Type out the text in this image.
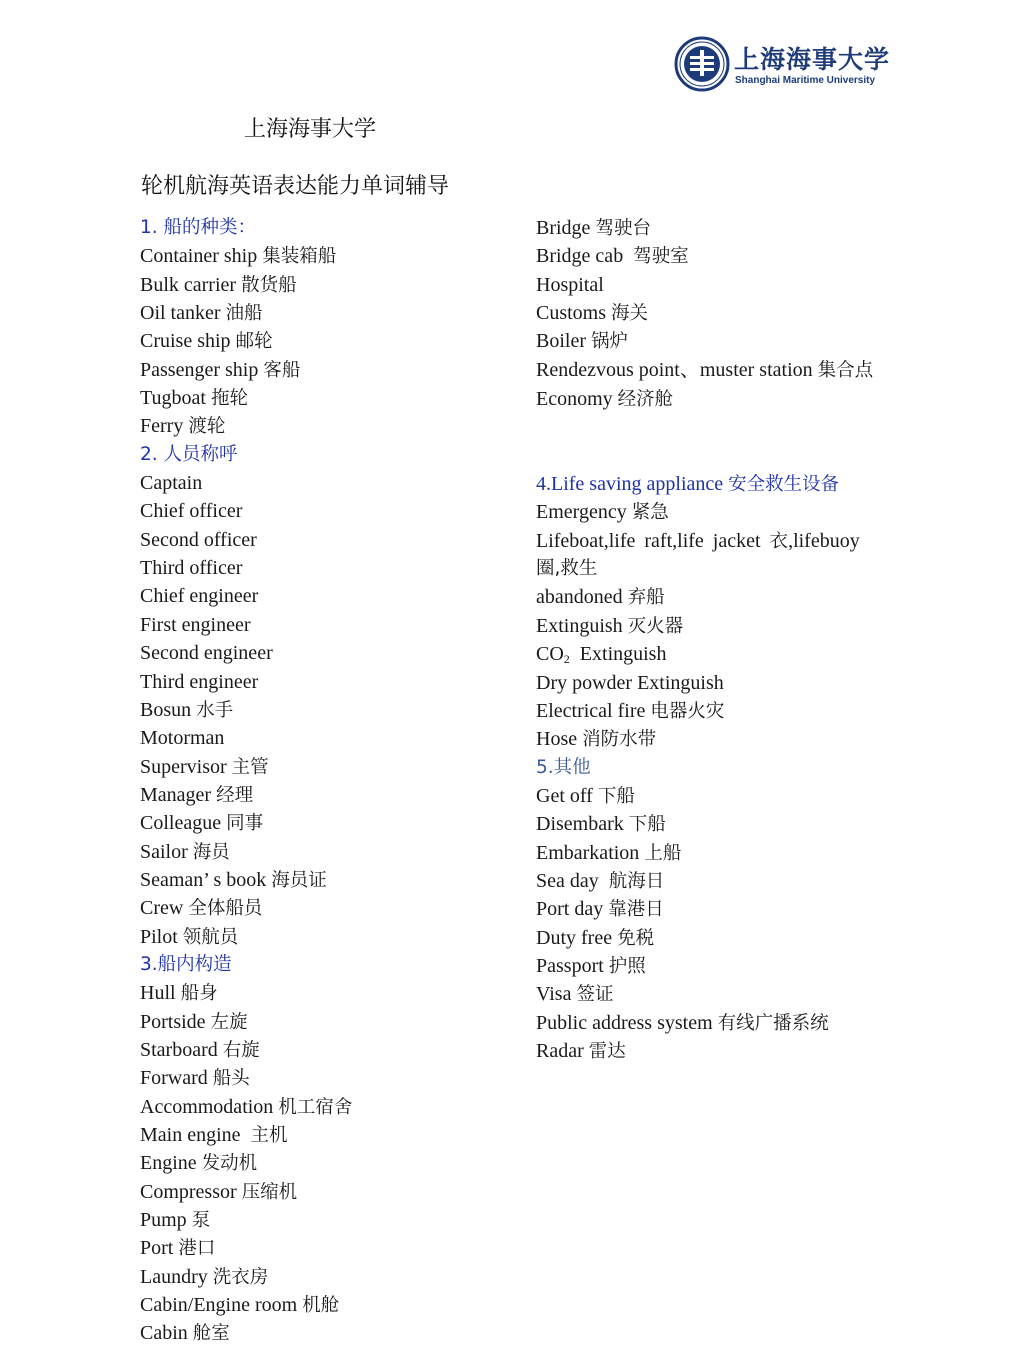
上海海事大学
Shanghai Maritime University
上海海事大学
轮机航海英语表达能力单词辅导
1. 船的种类：
Container ship 集装箱船
Bulk carrier 散货船
Oil tanker 油船
Cruise ship 邮轮
Passenger ship 客船
Tugboat 拖轮
Ferry 渡轮
2. 人员称呼
Captain
Chief officer
Second officer
Third officer
Chief engineer
First engineer
Second engineer
Third engineer
Bosun 水手
Motorman
Supervisor 主管
Manager 经理
Colleague 同事
Sailor 海员
Seaman’ s book 海员证
Crew 全体船员
Pilot 领航员
3.船内构造
Hull 船身
Portside 左旋
Starboard 右旋
Forward 船头
Accommodation 机工宿舍
Main engine  主机
Engine 发动机
Compressor 压缩机
Pump 泵
Port 港口
Laundry 洗衣房
Cabin/Engine room 机舱
Cabin 舱室
Bridge 驾驶台
Bridge cab  驾驶室
Hospital
Customs 海关
Boiler 锅炉
Rendezvous point、muster station 集合点
Economy 经济舱
4.Life saving appliance 安全救生设备
Emergency 紧急
Lifeboat,life raft,life jacket 衣,lifebuoy
圈,救生
abandoned 弃船
Extinguish 灭火器
$CO_2$  Extinguish
Dry powder Extinguish
Electrical fire 电器火灾
Hose 消防水带
5.其他
Get off 下船
Disembark 下船
Embarkation 上船
Sea day  航海日
Port day 靠港日
Duty free 免税
Passport 护照
Visa 签证
Public address system 有线广播系统
Radar 雷达
